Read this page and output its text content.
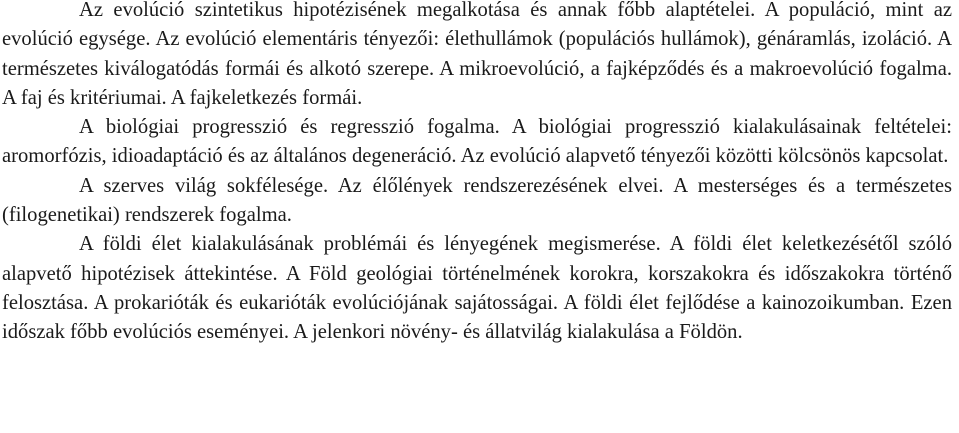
Az evolúció szintetikus hipotézisének megalkotása és annak főbb alaptételei. A populáció, mint az evolúció egysége. Az evolúció elementáris tényezői: élethullámok (populációs hullámok), génáramlás, izoláció. A természetes kiválogatódás formái és alkotó szerepe. A mikroevolúció, a fajképződés és a makroevolúció fogalma. A faj és kritériumai. A fajkeletkezés formái.

A biológiai progresszió és regresszió fogalma. A biológiai progresszió kialakulásainak feltételei: aromorfózis, idioadaptáció és az általános degeneráció. Az evolúció alapvető tényezői közötti kölcsönös kapcsolat.

A szerves világ sokfélesége. Az élőlények rendszerezésének elvei. A mesterséges és a természetes (filogenetikai) rendszerek fogalma.

A földi élet kialakulásának problémái és lényegének megismerése. A földi élet keletkezésétől szóló alapvető hipotézisek áttekintése. A Föld geológiai történelmének korokra, korszakokra és időszakokra történő felosztása. A prokarióták és eukarióták evolúciójának sajátosságai. A földi élet fejlődése a kainozoikumban. Ezen időszak főbb evolúciós eseményei. A jelenkori növény- és állatvilág kialakulása a Földön.
